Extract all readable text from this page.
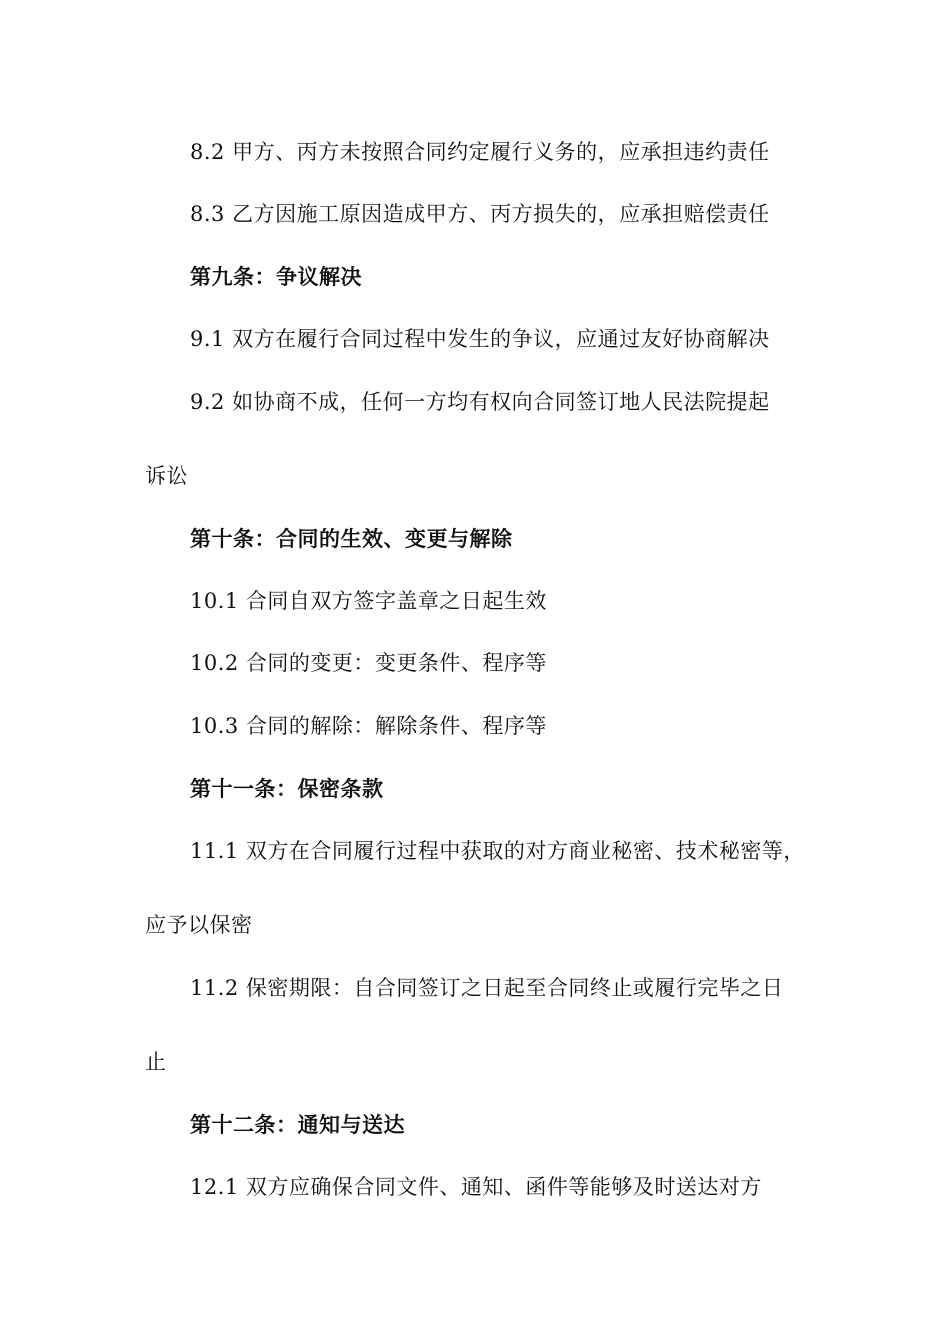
8.2 甲方、丙方未按照合同约定履行义务的，应承担违约责任
8.3 乙方因施工原因造成甲方、丙方损失的，应承担赔偿责任
第九条：争议解决
9.1 双方在履行合同过程中发生的争议，应通过友好协商解决
9.2 如协商不成，任何一方均有权向合同签订地人民法院提起
诉讼
第十条：合同的生效、变更与解除
10.1 合同自双方签字盖章之日起生效
10.2 合同的变更：变更条件、程序等
10.3 合同的解除：解除条件、程序等
第十一条：保密条款
11.1 双方在合同履行过程中获取的对方商业秘密、技术秘密等，
应予以保密
11.2 保密期限：自合同签订之日起至合同终止或履行完毕之日
止
第十二条：通知与送达
12.1 双方应确保合同文件、通知、函件等能够及时送达对方
